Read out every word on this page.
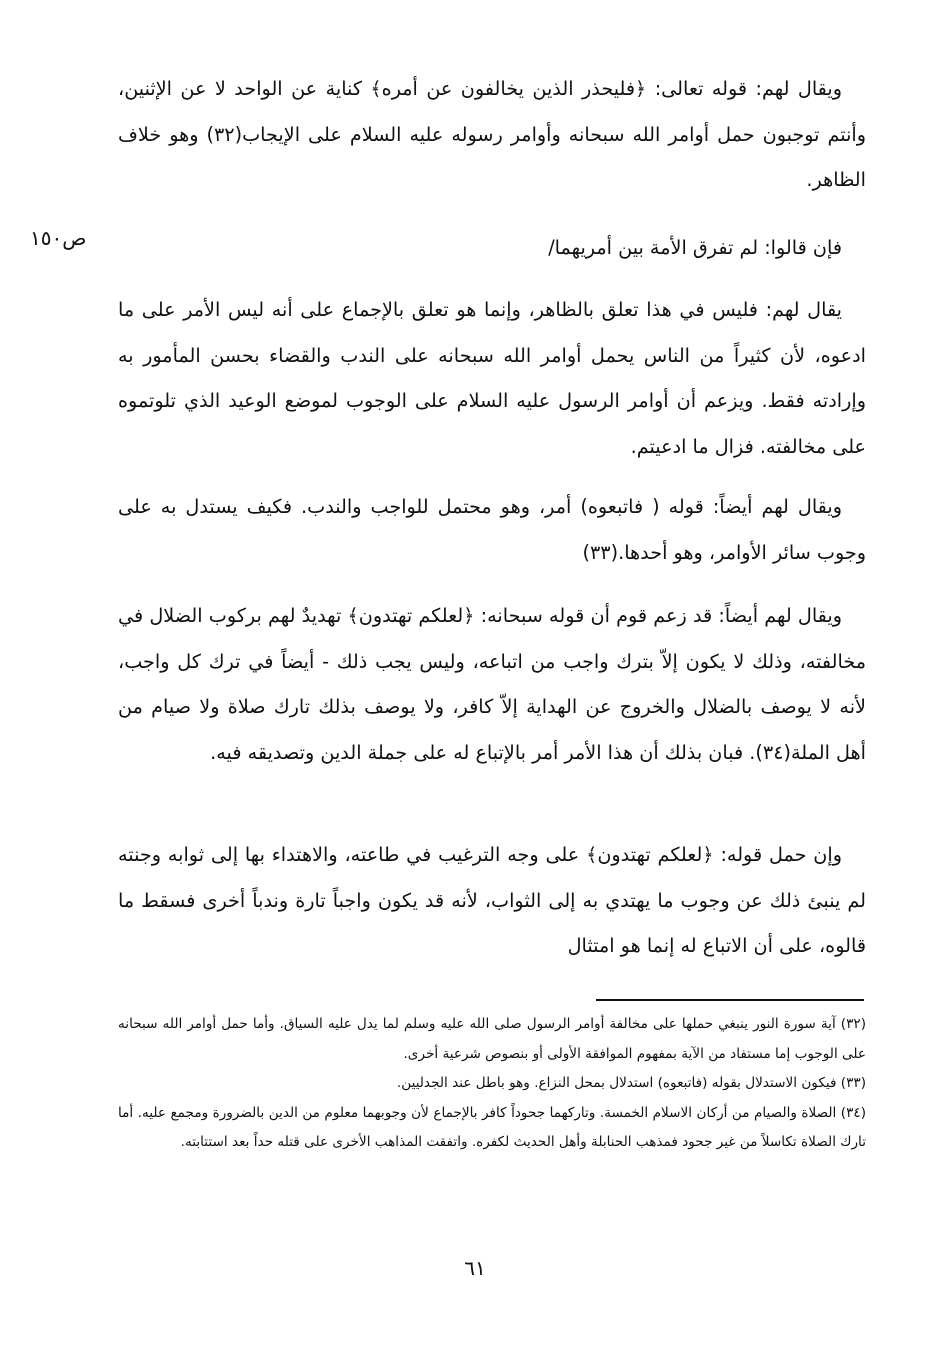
ص١٥٠

ويقال لهم: قوله تعالى: ﴿فليحذر الذين يخالفون عن أمره﴾ كناية عن الواحد لا عن الإثنين، وأنتم توجبون حمل أوامر الله سبحانه وأوامر رسوله عليه السلام على الإيجاب(٣٢) وهو خلاف الظاهر.

فإن قالوا: لم تفرق الأمة بين أمريهما/

يقال لهم: فليس في هذا تعلق بالظاهر، وإنما هو تعلق بالإجماع على أنه ليس الأمر على ما ادعوه، لأن كثيراً من الناس يحمل أوامر الله سبحانه على الندب والقضاء بحسن المأمور به وإرادته فقط. ويزعم أن أوامر الرسول عليه السلام على الوجوب لموضع الوعيد الذي تلوتموه على مخالفته. فزال ما ادعيتم.

ويقال لهم أيضاً: قوله ( فاتبعوه) أمر، وهو محتمل للواجب والندب. فكيف يستدل به على وجوب سائر الأوامر، وهو أحدها.(٣٣)

ويقال لهم أيضاً: قد زعم قوم أن قوله سبحانه: ﴿لعلكم تهتدون﴾ تهديدٌ لهم بركوب الضلال في مخالفته، وذلك لا يكون إلاّ بترك واجب من اتباعه، وليس يجب ذلك - أيضاً في ترك كل واجب، لأنه لا يوصف بالضلال والخروج عن الهداية إلاّ كافر، ولا يوصف بذلك تارك صلاة ولا صيام من أهل الملة(٣٤). فبان بذلك أن هذا الأمر أمر بالإتباع له على جملة الدين وتصديقه فيه.

وإن حمل قوله: ﴿لعلكم تهتدون﴾ على وجه الترغيب في طاعته، والاهتداء بها إلى ثوابه وجنته لم ينبئ ذلك عن وجوب ما يهتدي به إلى الثواب، لأنه قد يكون واجباً تارة وندباً أخرى فسقط ما قالوه، على أن الاتباع له إنما هو امتثال

(٣٢) آية سورة النور ينبغي حملها على مخالفة أوامر الرسول صلى الله عليه وسلم لما يدل عليه السياق. وأما حمل أوامر الله سبحانه على الوجوب إما مستفاد من الآية بمفهوم الموافقة الأولى أو بنصوص شرعية أخرى.

(٣٣) فيكون الاستدلال بقوله (فاتبعوه) استدلال بمحل النزاع. وهو باطل عند الجدليين.

(٣٤) الصلاة والصيام من أركان الاسلام الخمسة. وتاركهما جحوداً كافر بالإجماع لأن وجوبهما معلوم من الدين بالضرورة ومجمع عليه. أما تارك الصلاة تكاسلاً من غير جحود فمذهب الحنابلة وأهل الحديث لكفره. واتفقت المذاهب الأخرى على قتله حداً بعد استتابته.

٦١
